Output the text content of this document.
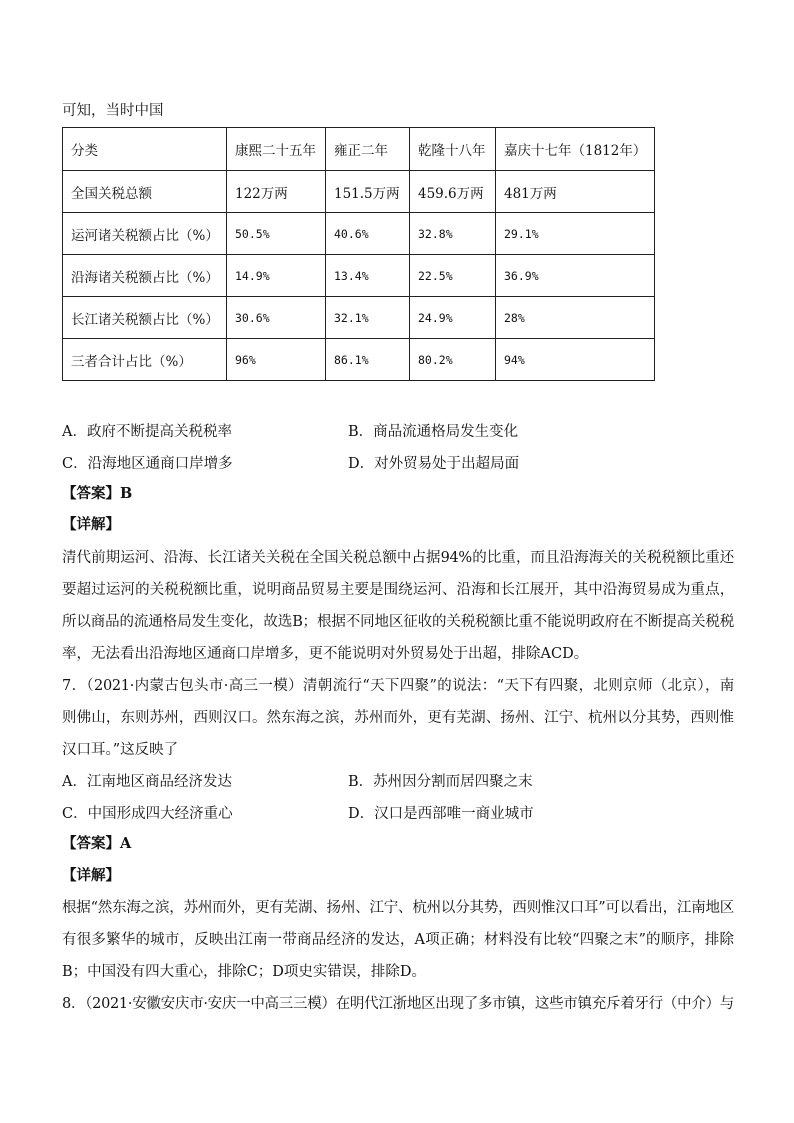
可知，当时中国
分类	康熙二十五年	雍正二年	乾隆十八年	嘉庆十七年（1812年）
全国关税总额	122万两	151.5万两	459.6万两	481万两
运河诸关税额占比（%）	50.5%	40.6%	32.8%	29.1%
沿海诸关税额占比（%）	14.9%	13.4%	22.5%	36.9%
长江诸关税额占比（%）	30.6%	32.1%	24.9%	28%
三者合计占比（%）	96%	86.1%	80.2%	94%
A．政府不断提高关税税率	B．商品流通格局发生变化
C．沿海地区通商口岸增多	D．对外贸易处于出超局面
【答案】B
【详解】
清代前期运河、沿海、长江诸关关税在全国关税总额中占据94%的比重，而且沿海海关的关税税额比重还
要超过运河的关税税额比重，说明商品贸易主要是围绕运河、沿海和长江展开，其中沿海贸易成为重点，
所以商品的流通格局发生变化，故选B；根据不同地区征收的关税税额比重不能说明政府在不断提高关税税
率，无法看出沿海地区通商口岸增多，更不能说明对外贸易处于出超，排除ACD。
7．（2021·内蒙古包头市·高三一模）清朝流行“天下四聚”的说法：“天下有四聚，北则京师（北京），南
则佛山，东则苏州，西则汉口。然东海之滨，苏州而外，更有芜湖、扬州、江宁、杭州以分其势，西则惟
汉口耳。”这反映了
A．江南地区商品经济发达	B．苏州因分割而居四聚之末
C．中国形成四大经济重心	D．汉口是西部唯一商业城市
【答案】A
【详解】
根据“然东海之滨，苏州而外，更有芜湖、扬州、江宁、杭州以分其势，西则惟汉口耳”可以看出，江南地区
有很多繁华的城市，反映出江南一带商品经济的发达，A项正确；材料没有比较“四聚之末”的顺序，排除
B；中国没有四大重心，排除C；D项史实错误，排除D。
8．（2021·安徽安庆市·安庆一中高三三模）在明代江浙地区出现了多市镇，这些市镇充斥着牙行（中介）与
